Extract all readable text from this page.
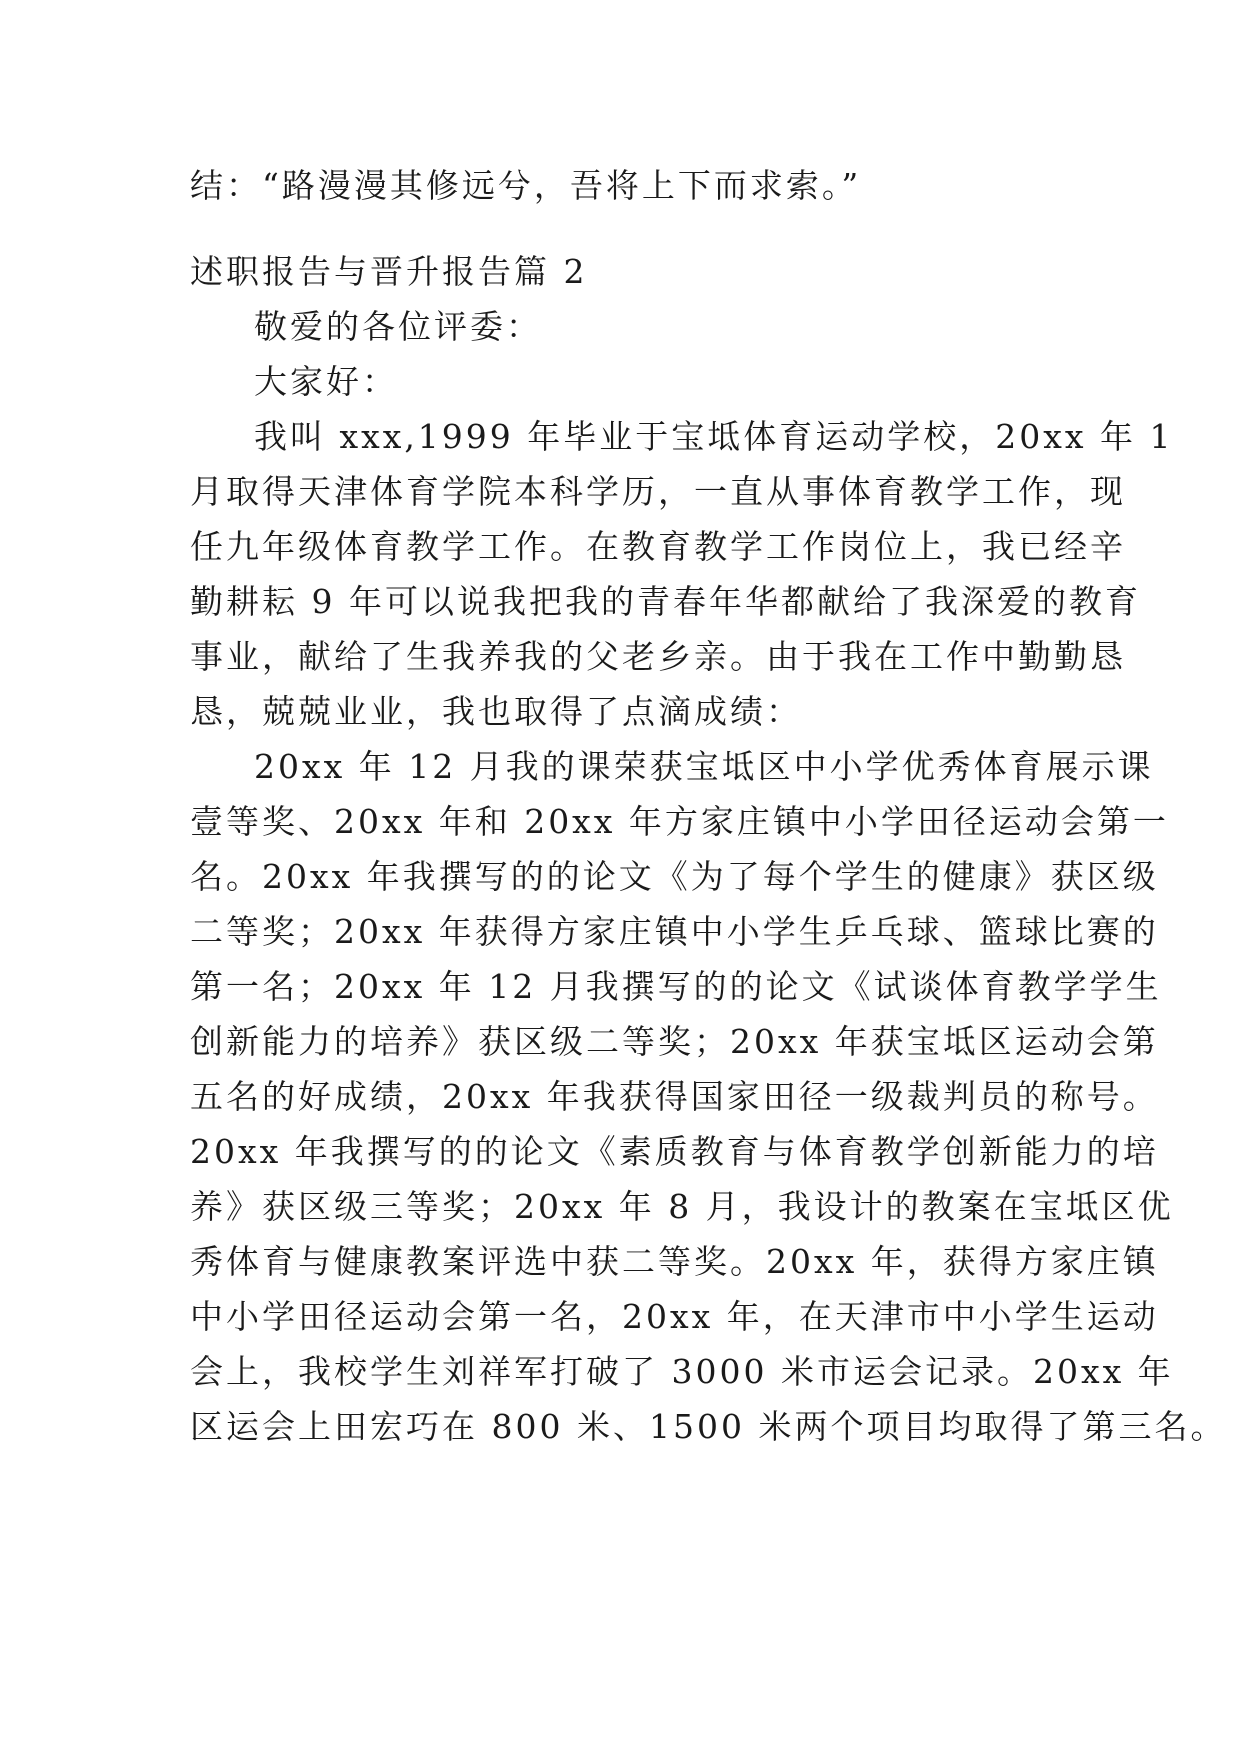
结：“路漫漫其修远兮，吾将上下而求索。”
述职报告与晋升报告篇 2
敬爱的各位评委：
大家好：
我叫 xxx,1999 年毕业于宝坻体育运动学校，20xx 年 1
月取得天津体育学院本科学历，一直从事体育教学工作，现
任九年级体育教学工作。在教育教学工作岗位上，我已经辛
勤耕耘 9 年可以说我把我的青春年华都献给了我深爱的教育
事业，献给了生我养我的父老乡亲。由于我在工作中勤勤恳
恳，兢兢业业，我也取得了点滴成绩：
20xx 年 12 月我的课荣获宝坻区中小学优秀体育展示课
壹等奖、20xx 年和 20xx 年方家庄镇中小学田径运动会第一
名。20xx 年我撰写的的论文《为了每个学生的健康》获区级
二等奖；20xx 年获得方家庄镇中小学生乒乓球、篮球比赛的
第一名；20xx 年 12 月我撰写的的论文《试谈体育教学学生
创新能力的培养》获区级二等奖；20xx 年获宝坻区运动会第
五名的好成绩，20xx 年我获得国家田径一级裁判员的称号。
20xx 年我撰写的的论文《素质教育与体育教学创新能力的培
养》获区级三等奖；20xx 年 8 月，我设计的教案在宝坻区优
秀体育与健康教案评选中获二等奖。20xx 年，获得方家庄镇
中小学田径运动会第一名，20xx 年，在天津市中小学生运动
会上，我校学生刘祥军打破了 3000 米市运会记录。20xx 年
区运会上田宏巧在 800 米、1500 米两个项目均取得了第三名。
